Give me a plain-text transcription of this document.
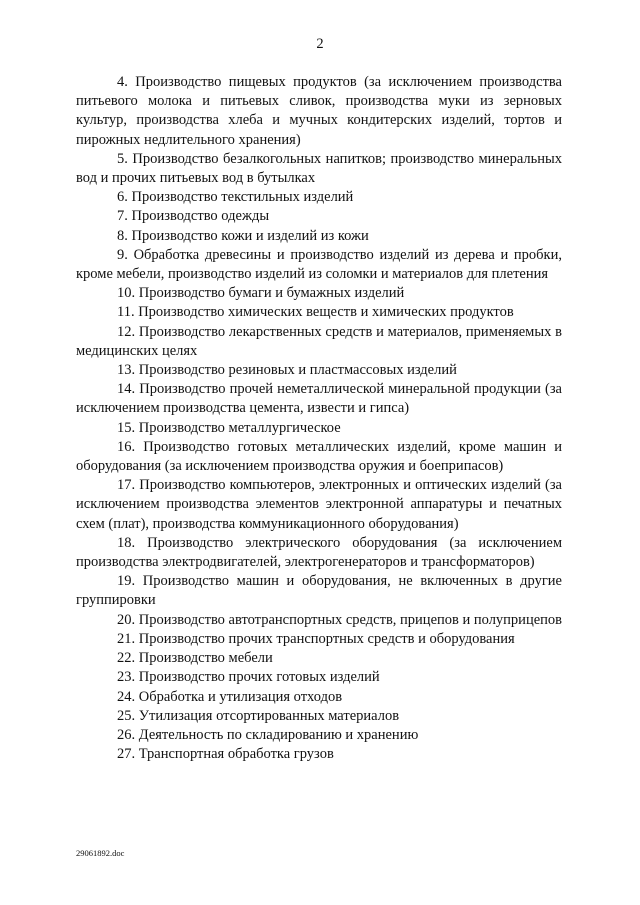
2

4. Производство пищевых продуктов (за исключением производства питьевого молока и питьевых сливок, производства муки из зерновых культур, производства хлеба и мучных кондитерских изделий, тортов и пирожных недлительного хранения)

5. Производство безалкогольных напитков; производство минеральных вод и прочих питьевых вод в бутылках

6. Производство текстильных изделий

7. Производство одежды

8. Производство кожи и изделий из кожи

9. Обработка древесины и производство изделий из дерева и пробки, кроме мебели, производство изделий из соломки и материалов для плетения

10. Производство бумаги и бумажных изделий

11. Производство химических веществ и химических продуктов

12. Производство лекарственных средств и материалов, применяемых в медицинских целях

13. Производство резиновых и пластмассовых изделий

14. Производство прочей неметаллической минеральной продукции (за исключением производства цемента, извести и гипса)

15. Производство металлургическое

16. Производство готовых металлических изделий, кроме машин и оборудования (за исключением производства оружия и боеприпасов)

17. Производство компьютеров, электронных и оптических изделий (за исключением производства элементов электронной аппаратуры и печатных схем (плат), производства коммуникационного оборудования)

18. Производство электрического оборудования (за исключением производства электродвигателей, электрогенераторов и трансформаторов)

19. Производство машин и оборудования, не включенных в другие группировки

20. Производство автотранспортных средств, прицепов и полуприцепов

21. Производство прочих транспортных средств и оборудования

22. Производство мебели

23. Производство прочих готовых изделий

24. Обработка и утилизация отходов

25. Утилизация отсортированных материалов

26. Деятельность по складированию и хранению

27. Транспортная обработка грузов

29061892.doc
